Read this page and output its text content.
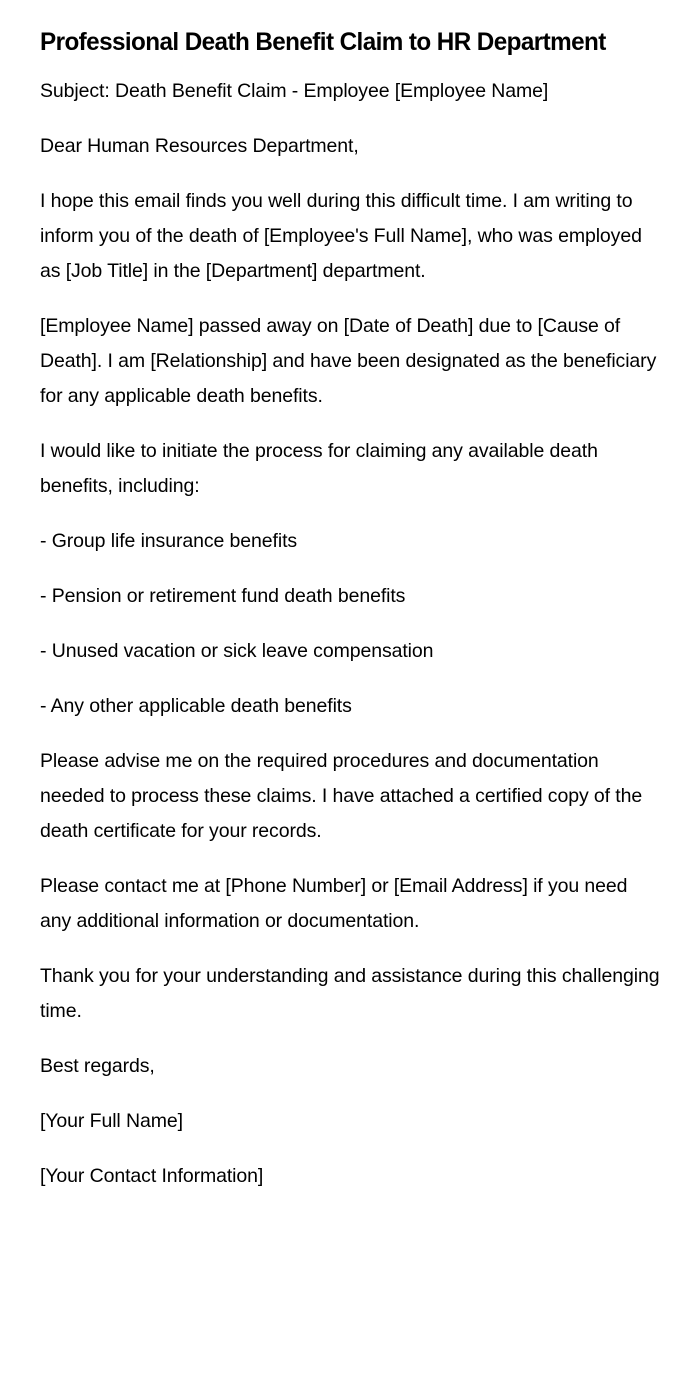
Professional Death Benefit Claim to HR Department

Subject: Death Benefit Claim - Employee [Employee Name]

Dear Human Resources Department,

I hope this email finds you well during this difficult time. I am writing to inform you of the death of [Employee's Full Name], who was employed as [Job Title] in the [Department] department.

[Employee Name] passed away on [Date of Death] due to [Cause of Death]. I am [Relationship] and have been designated as the beneficiary for any applicable death benefits.

I would like to initiate the process for claiming any available death benefits, including:

- Group life insurance benefits

- Pension or retirement fund death benefits

- Unused vacation or sick leave compensation

- Any other applicable death benefits

Please advise me on the required procedures and documentation needed to process these claims. I have attached a certified copy of the death certificate for your records.

Please contact me at [Phone Number] or [Email Address] if you need any additional information or documentation.

Thank you for your understanding and assistance during this challenging time.

Best regards,

[Your Full Name]

[Your Contact Information]
